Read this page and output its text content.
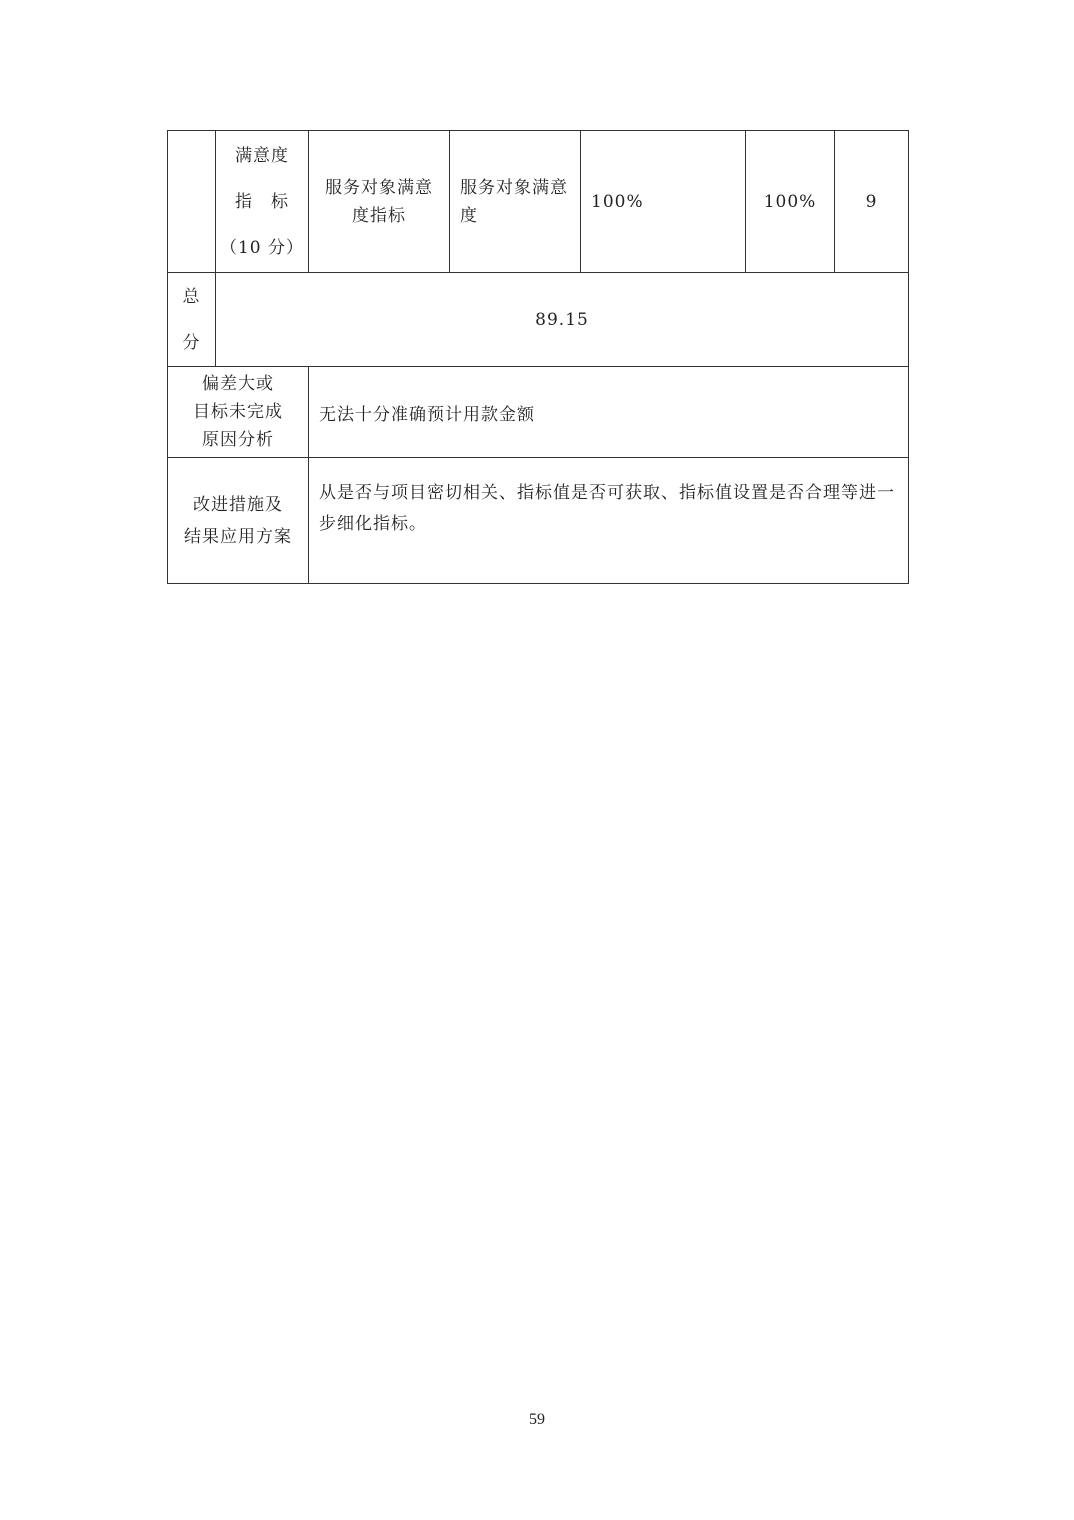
	满意度
指　标
（10 分）	服务对象满意度指标	服务对象满意度	100%	100%	9

总
分	89.15					

偏差大或
目标未完成
原因分析		无法十分准确预计用款金额				

改进措施及
结果应用方案		从是否与项目密切相关、指标值是否可获取、指标值设置是否合理等进一步细化指标。				
59
